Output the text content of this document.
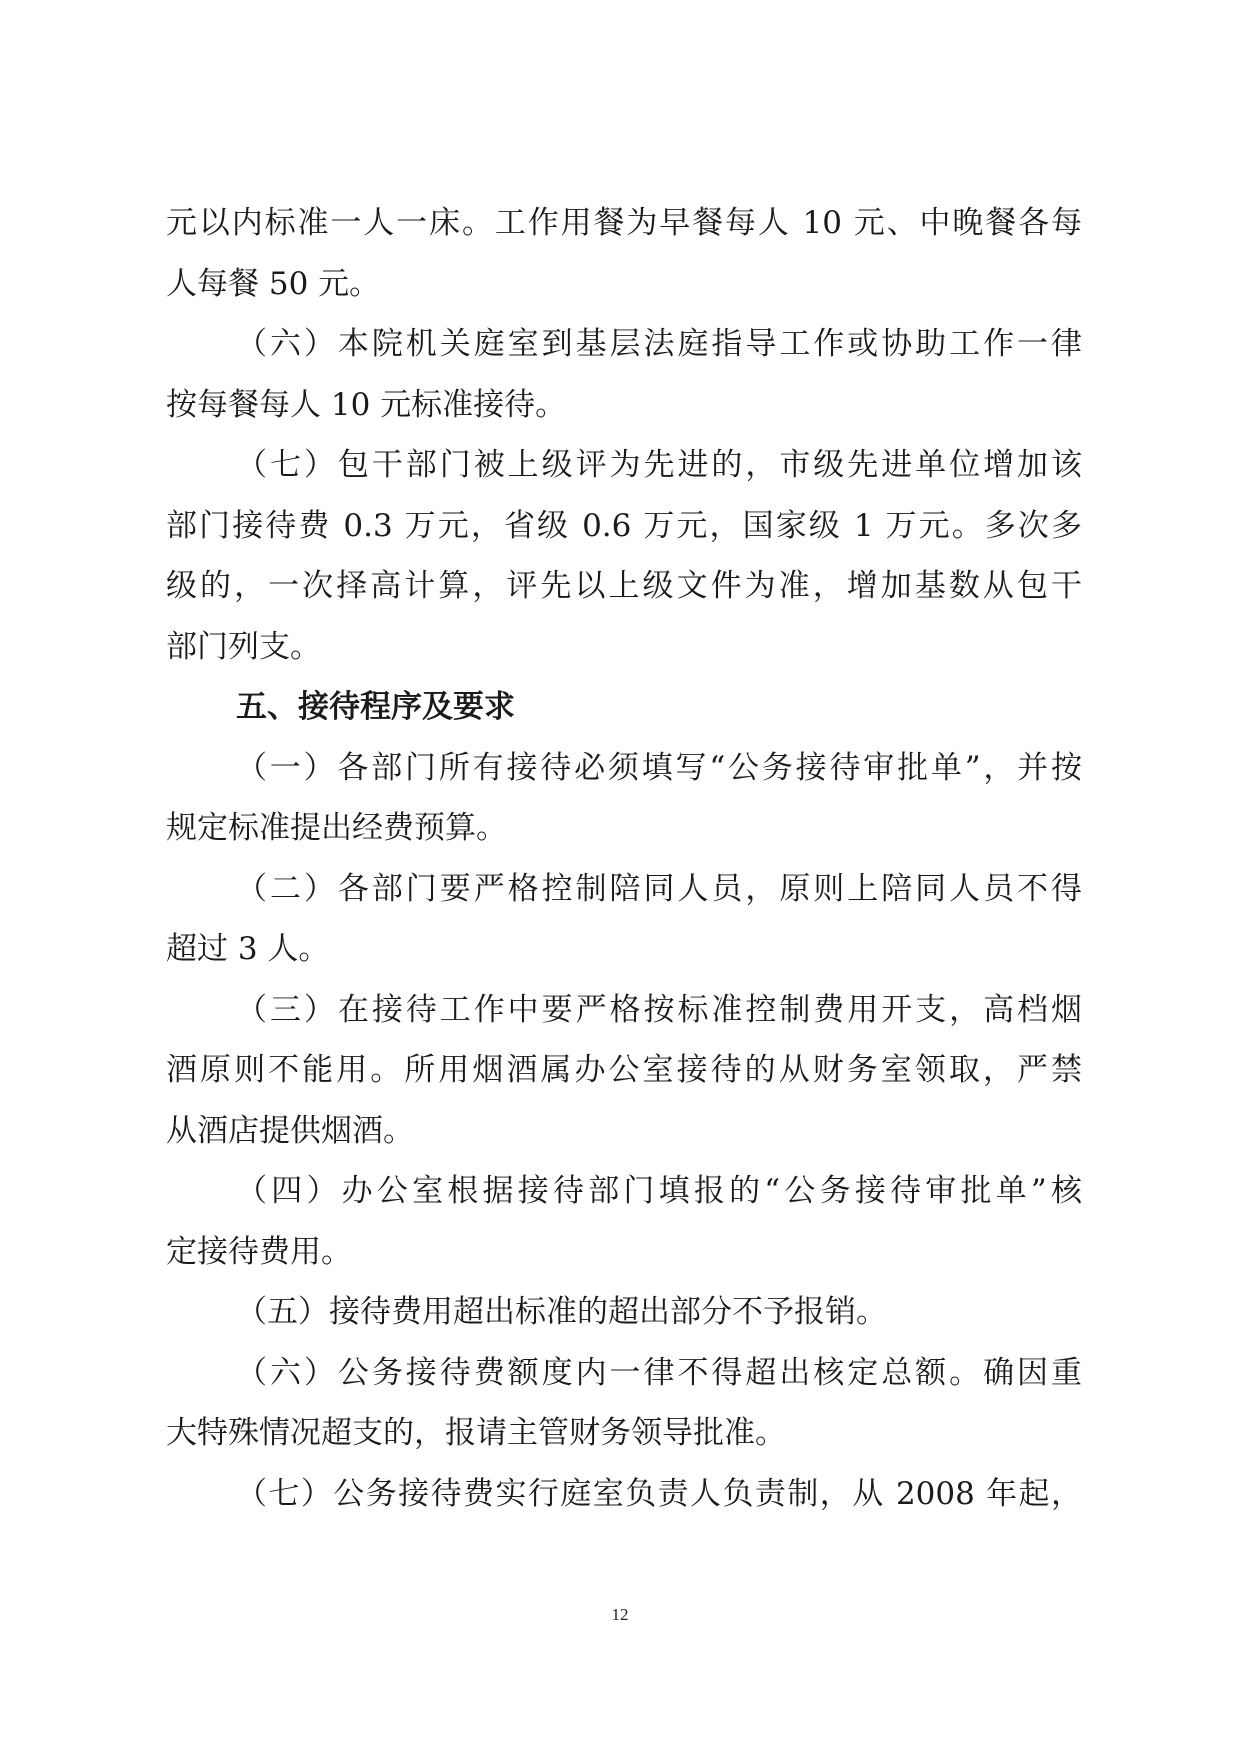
元以内标准一人一床。工作用餐为早餐每人 10 元、中晚餐各每
人每餐 50 元。
（六）本院机关庭室到基层法庭指导工作或协助工作一律
按每餐每人 10 元标准接待。
（七）包干部门被上级评为先进的，市级先进单位增加该
部门接待费 0.3 万元，省级 0.6 万元，国家级 1 万元。多次多
级的，一次择高计算，评先以上级文件为准，增加基数从包干
部门列支。
五、接待程序及要求
（一）各部门所有接待必须填写“公务接待审批单”，并按
规定标准提出经费预算。
（二）各部门要严格控制陪同人员，原则上陪同人员不得
超过 3 人。
（三）在接待工作中要严格按标准控制费用开支，高档烟
酒原则不能用。所用烟酒属办公室接待的从财务室领取，严禁
从酒店提供烟酒。
（四）办公室根据接待部门填报的“公务接待审批单”核
定接待费用。
（五）接待费用超出标准的超出部分不予报销。
（六）公务接待费额度内一律不得超出核定总额。确因重
大特殊情况超支的，报请主管财务领导批准。
（七）公务接待费实行庭室负责人负责制，从 2008 年起，
12
